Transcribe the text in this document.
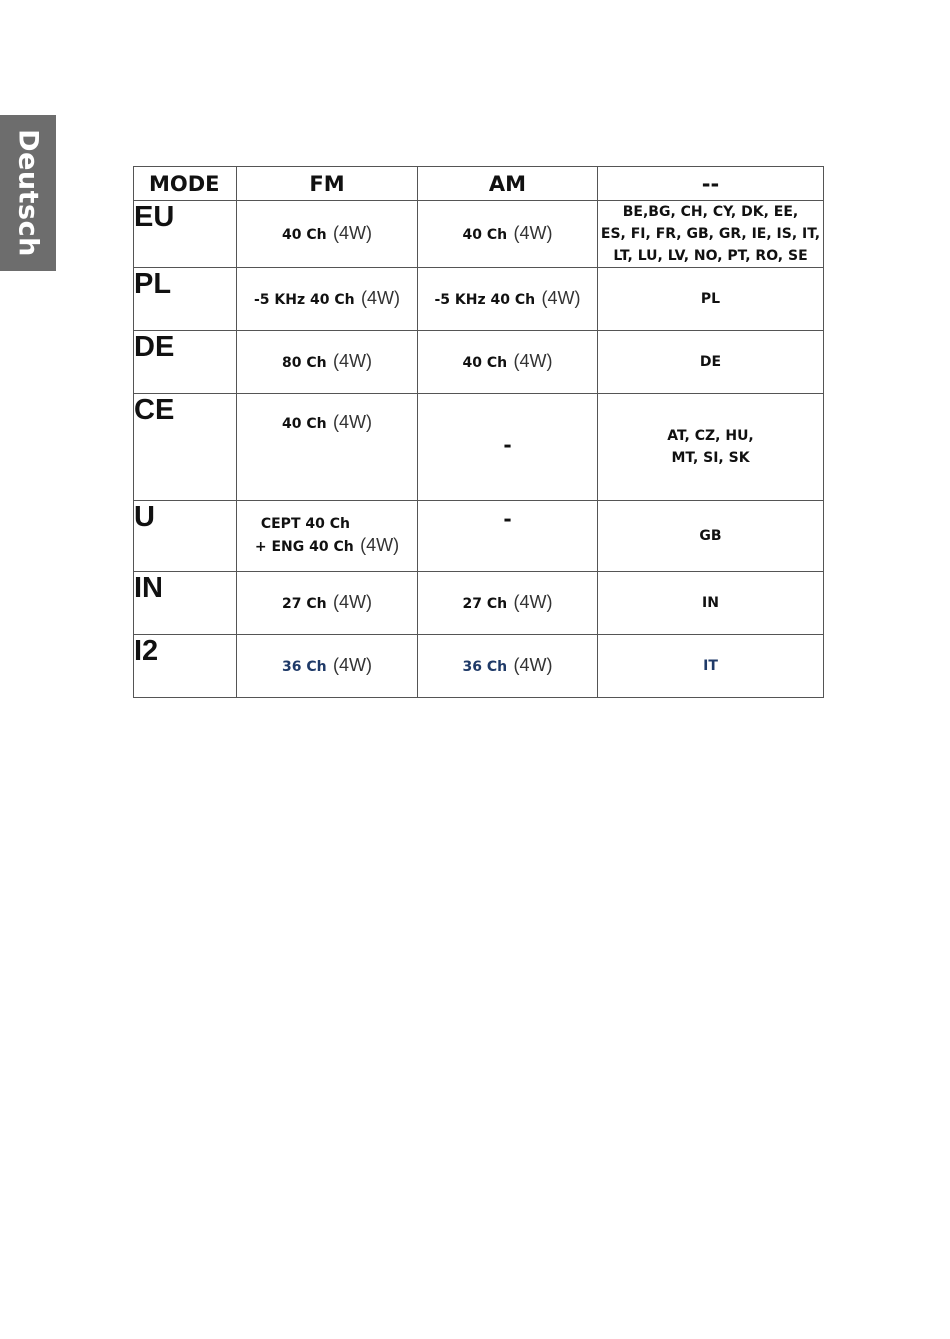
Deutsch	MODE	FM	AM	--
EU	40 Ch (4W)	40 Ch (4W)	BE,BG, CH, CY, DK, EE,
ES, FI, FR, GB, GR, IE, IS, IT,
LT, LU, LV, NO, PT, RO, SE

PL	-5 KHz 40 Ch (4W)	-5 KHz 40 Ch (4W)	PL

DE	80 Ch (4W)	40 Ch (4W)	DE

CE	40 Ch (4W)	-	AT, CZ, HU,
MT, SI, SK

U	CEPT 40 Ch
+ ENG 40 Ch (4W)	-	GB

IN	27 Ch (4W)	27 Ch (4W)	IN

I2	36 Ch (4W)	36 Ch (4W)	IT
